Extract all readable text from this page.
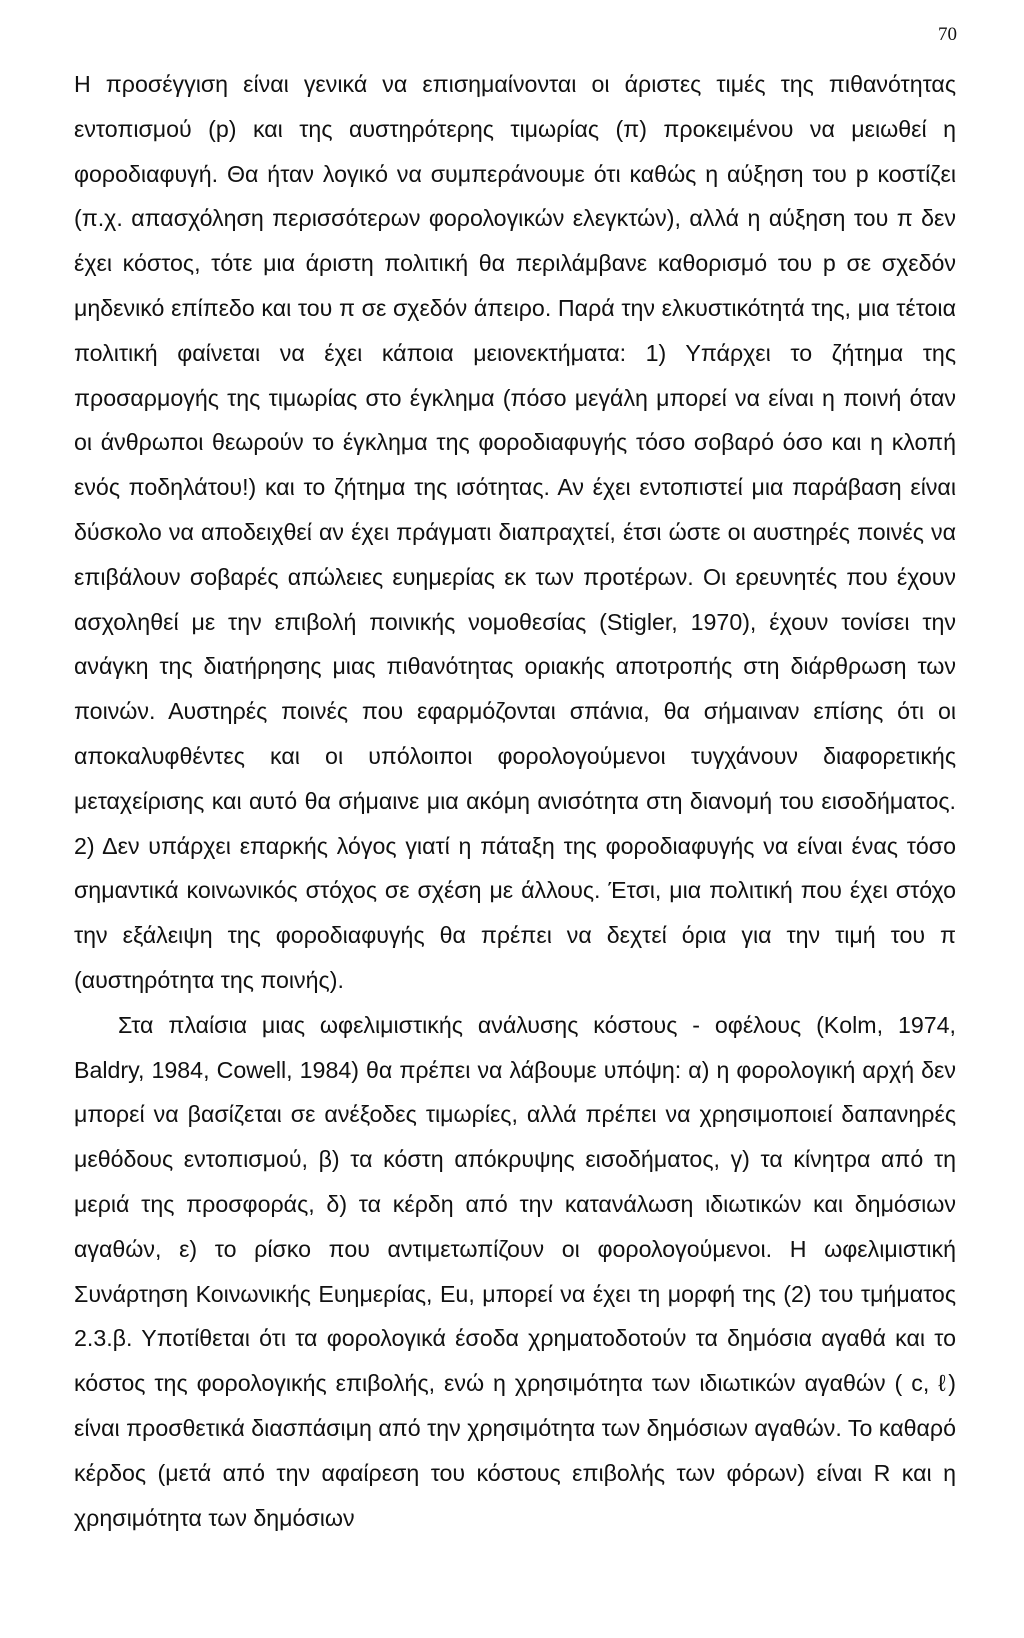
70

Η προσέγγιση είναι γενικά να επισημαίνονται οι άριστες τιμές της πιθανότητας εντοπισμού (p) και της αυστηρότερης τιμωρίας (π) προκειμένου να μειωθεί η φοροδιαφυγή. Θα ήταν λογικό να συμπεράνουμε ότι καθώς η αύξηση του p κοστίζει (π.χ. απασχόληση περισσότερων φορολογικών ελεγκτών), αλλά η αύξηση του π δεν έχει κόστος, τότε μια άριστη πολιτική θα περιλάμβανε καθορισμό του p σε σχεδόν μηδενικό επίπεδο και του π σε σχεδόν άπειρο. Παρά την ελκυστικότητά της, μια τέτοια πολιτική φαίνεται να έχει κάποια μειονεκτήματα: 1) Υπάρχει το ζήτημα της προσαρμογής της τιμωρίας στο έγκλημα (πόσο μεγάλη μπορεί να είναι η ποινή όταν οι άνθρωποι θεωρούν το έγκλημα της φοροδιαφυγής τόσο σοβαρό όσο και η κλοπή ενός ποδηλάτου!) και το ζήτημα της ισότητας. Αν έχει εντοπιστεί μια παράβαση είναι δύσκολο να αποδειχθεί αν έχει πράγματι διαπραχτεί, έτσι ώστε οι αυστηρές ποινές να επιβάλουν σοβαρές απώλειες ευημερίας εκ των προτέρων. Οι ερευνητές που έχουν ασχοληθεί με την επιβολή ποινικής νομοθεσίας (Stigler, 1970), έχουν τονίσει την ανάγκη της διατήρησης μιας πιθανότητας οριακής αποτροπής στη διάρθρωση των ποινών. Αυστηρές ποινές που εφαρμόζονται σπάνια, θα σήμαιναν επίσης ότι οι αποκαλυφθέντες και οι υπόλοιποι φορολογούμενοι τυγχάνουν διαφορετικής μεταχείρισης και αυτό θα σήμαινε μια ακόμη ανισότητα στη διανομή του εισοδήματος. 2) Δεν υπάρχει επαρκής λόγος γιατί η πάταξη της φοροδιαφυγής να είναι ένας τόσο σημαντικά κοινωνικός στόχος σε σχέση με άλλους. Έτσι, μια πολιτική που έχει στόχο την εξάλειψη της φοροδιαφυγής θα πρέπει να δεχτεί όρια για την τιμή του π (αυστηρότητα της ποινής).

Στα πλαίσια μιας ωφελιμιστικής ανάλυσης κόστους - οφέλους (Kolm, 1974, Baldry, 1984, Cowell, 1984) θα πρέπει να λάβουμε υπόψη: α) η φορολογική αρχή δεν μπορεί να βασίζεται σε ανέξοδες τιμωρίες, αλλά πρέπει να χρησιμοποιεί δαπανηρές μεθόδους εντοπισμού, β) τα κόστη απόκρυψης εισοδήματος, γ) τα κίνητρα από τη μεριά της προσφοράς, δ) τα κέρδη από την κατανάλωση ιδιωτικών και δημόσιων αγαθών, ε) το ρίσκο που αντιμετωπίζουν οι φορολογούμενοι. Η ωφελιμιστική Συνάρτηση Κοινωνικής Ευημερίας, Eu, μπορεί να έχει τη μορφή της (2) του τμήματος 2.3.β. Υποτίθεται ότι τα φορολογικά έσοδα χρηματοδοτούν τα δημόσια αγαθά και το κόστος της φορολογικής επιβολής, ενώ η χρησιμότητα των ιδιωτικών αγαθών ( c, ℓ) είναι προσθετικά διασπάσιμη από την χρησιμότητα των δημόσιων αγαθών. Το καθαρό κέρδος (μετά από την αφαίρεση του κόστους επιβολής των φόρων) είναι R και η χρησιμότητα των δημόσιων
